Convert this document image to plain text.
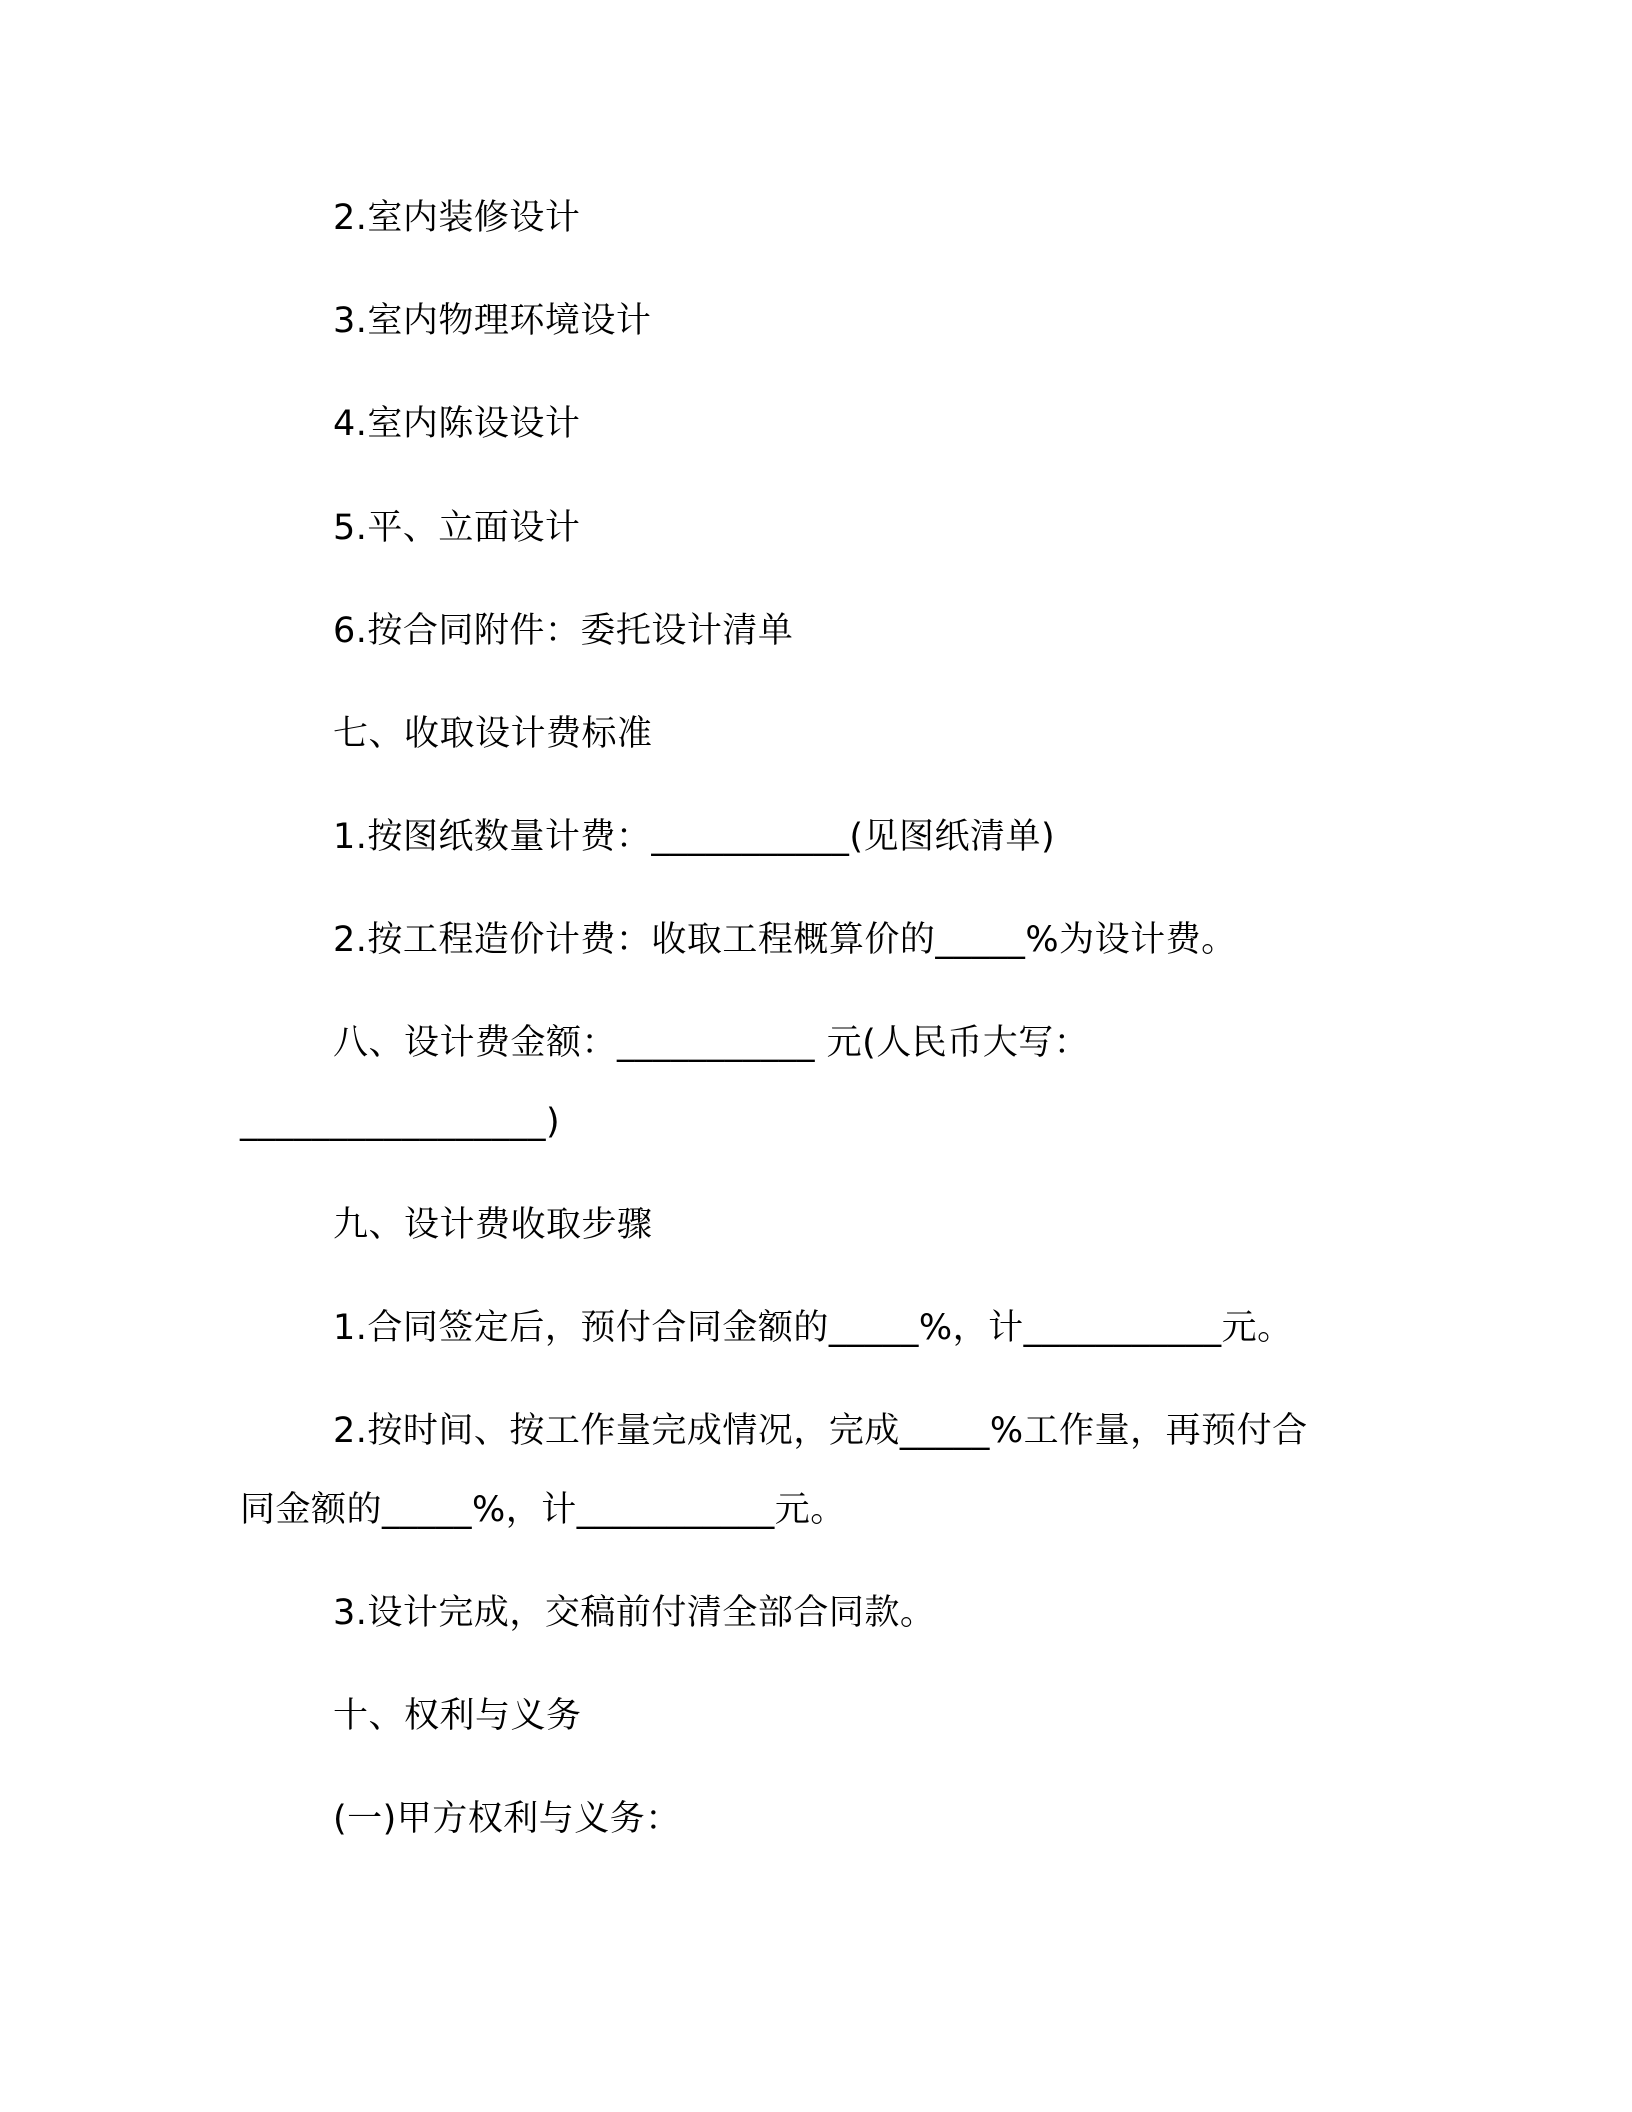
2.室内装修设计
3.室内物理环境设计
4.室内陈设设计
5.平、立面设计
6.按合同附件：委托设计清单
七、收取设计费标准
1.按图纸数量计费：___________(见图纸清单)
2.按工程造价计费：收取工程概算价的_____%为设计费。
八、设计费金额：___________ 元(人民币大写：
_________________)
九、设计费收取步骤
1.合同签定后，预付合同金额的_____%，计___________元。
2.按时间、按工作量完成情况，完成_____%工作量，再预付合
同金额的_____%，计___________元。
3.设计完成，交稿前付清全部合同款。
十、权利与义务
(一)甲方权利与义务：
